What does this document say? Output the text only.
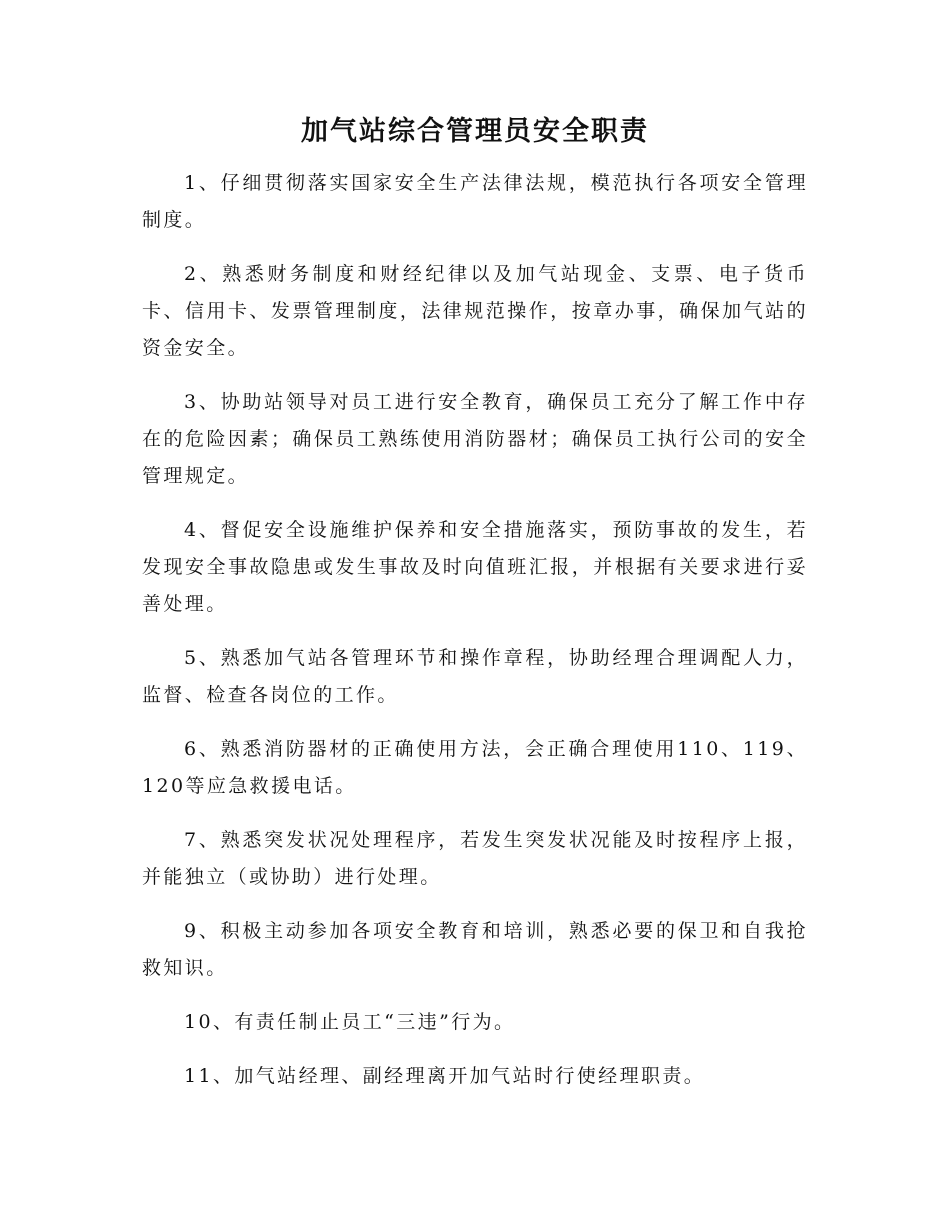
加气站综合管理员安全职责

1、仔细贯彻落实国家安全生产法律法规，模范执行各项安全管理制度。

2、熟悉财务制度和财经纪律以及加气站现金、支票、电子货币卡、信用卡、发票管理制度，法律规范操作，按章办事，确保加气站的资金安全。

3、协助站领导对员工进行安全教育，确保员工充分了解工作中存在的危险因素；确保员工熟练使用消防器材；确保员工执行公司的安全管理规定。

4、督促安全设施维护保养和安全措施落实，预防事故的发生，若发现安全事故隐患或发生事故及时向值班汇报，并根据有关要求进行妥善处理。

5、熟悉加气站各管理环节和操作章程，协助经理合理调配人力，监督、检查各岗位的工作。

6、熟悉消防器材的正确使用方法，会正确合理使用110、119、120等应急救援电话。

7、熟悉突发状况处理程序，若发生突发状况能及时按程序上报，并能独立（或协助）进行处理。

9、积极主动参加各项安全教育和培训，熟悉必要的保卫和自我抢救知识。

10、有责任制止员工“三违”行为。

11、加气站经理、副经理离开加气站时行使经理职责。
